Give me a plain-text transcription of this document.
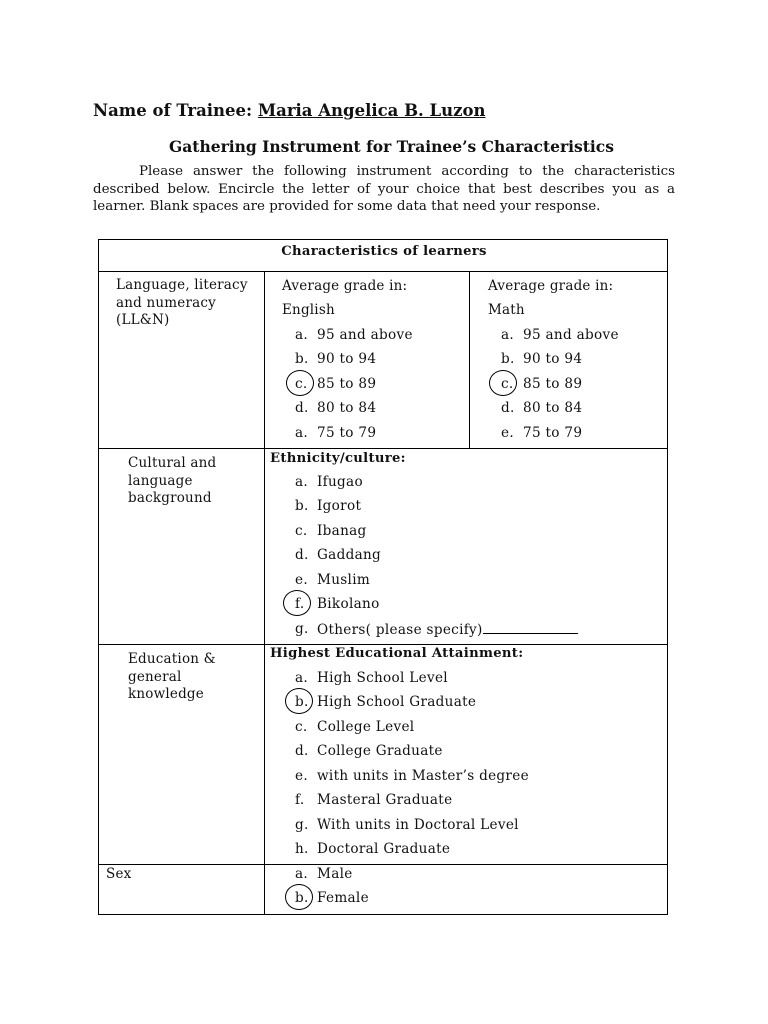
Name of Trainee: Maria Angelica B. Luzon
Gathering Instrument for Trainee’s Characteristics
Please answer the following instrument according to the characteristics described below. Encircle the letter of your choice that best describes you as a learner. Blank spaces are provided for some data that need your response.
Characteristics of learners
Language, literacy and numeracy (LL&N)
Average grade in:
English
a. 95 and above
b. 90 to 94
c. 85 to 89
d. 80 to 84
a. 75 to 79
Average grade in:
Math
a. 95 and above
b. 90 to 94
c. 85 to 89
d. 80 to 84
e. 75 to 79
Cultural and language background
Ethnicity/culture:
a. Ifugao
b. Igorot
c. Ibanag
d. Gaddang
e. Muslim
f. Bikolano
g. Others( please specify)
Education & general knowledge
Highest Educational Attainment:
a. High School Level
b. High School Graduate
c. College Level
d. College Graduate
e. with units in Master’s degree
f. Masteral Graduate
g. With units in Doctoral Level
h. Doctoral Graduate
Sex	a. Male
b. Female
